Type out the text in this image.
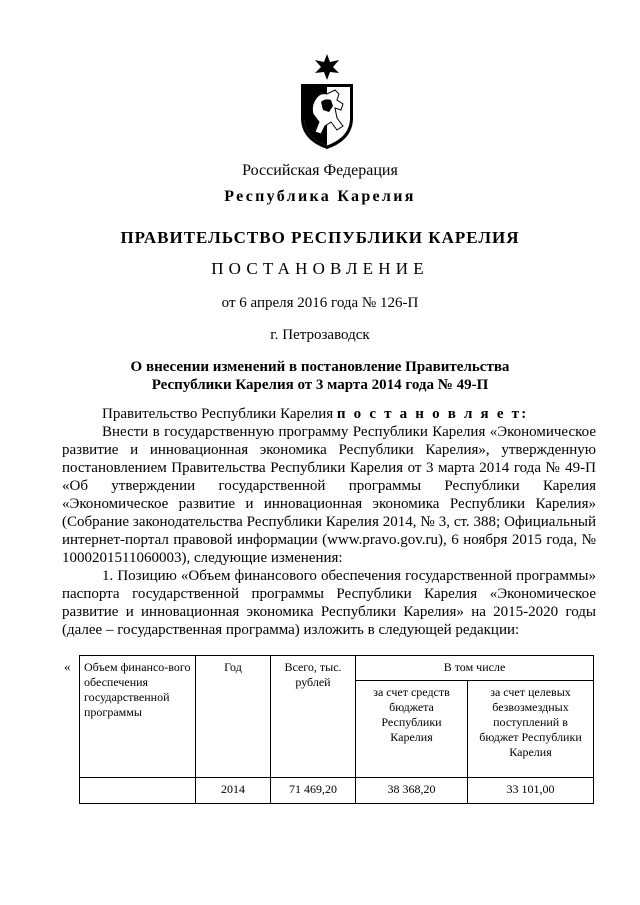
Российская Федерация
Республика Карелия
ПРАВИТЕЛЬСТВО РЕСПУБЛИКИ КАРЕЛИЯ
ПОСТАНОВЛЕНИЕ
от 6 апреля 2016 года № 126-П
г. Петрозаводск
О внесении изменений в постановление Правительства
Республики Карелия от 3 марта 2014 года № 49-П

Правительство Республики Карелия п о с т а н о в л я е т:

Внести в государственную программу Республики Карелия «Экономическое развитие и инновационная экономика Республики Карелия», утвержденную постановлением Правительства Республики Карелия от 3 марта 2014 года № 49-П «Об утверждении государственной программы Республики Карелия «Экономическое развитие и инновационная экономика Республики Карелия» (Собрание законодательства Республики Карелия 2014, № 3, ст. 388; Официальный интернет-портал правовой информации (www.pravo.gov.ru), 6 ноября 2015 года, № 1000201511060003), следующие изменения:

1. Позицию «Объем финансового обеспечения государственной программы» паспорта государственной программы Республики Карелия «Экономическое развитие и инновационная экономика Республики Карелия» на 2015-2020 годы (далее – государственная программа) изложить в следующей редакции:

« Объем финансо-вого обеспечения государственной программы	Год	Всего, тыс. рублей	В том числе	
			за счет средств бюджета Республики Карелия	за счет целевых безвозмездных поступлений в бюджет Республики Карелия
	2014	71 469,20	38 368,20	33 101,00
